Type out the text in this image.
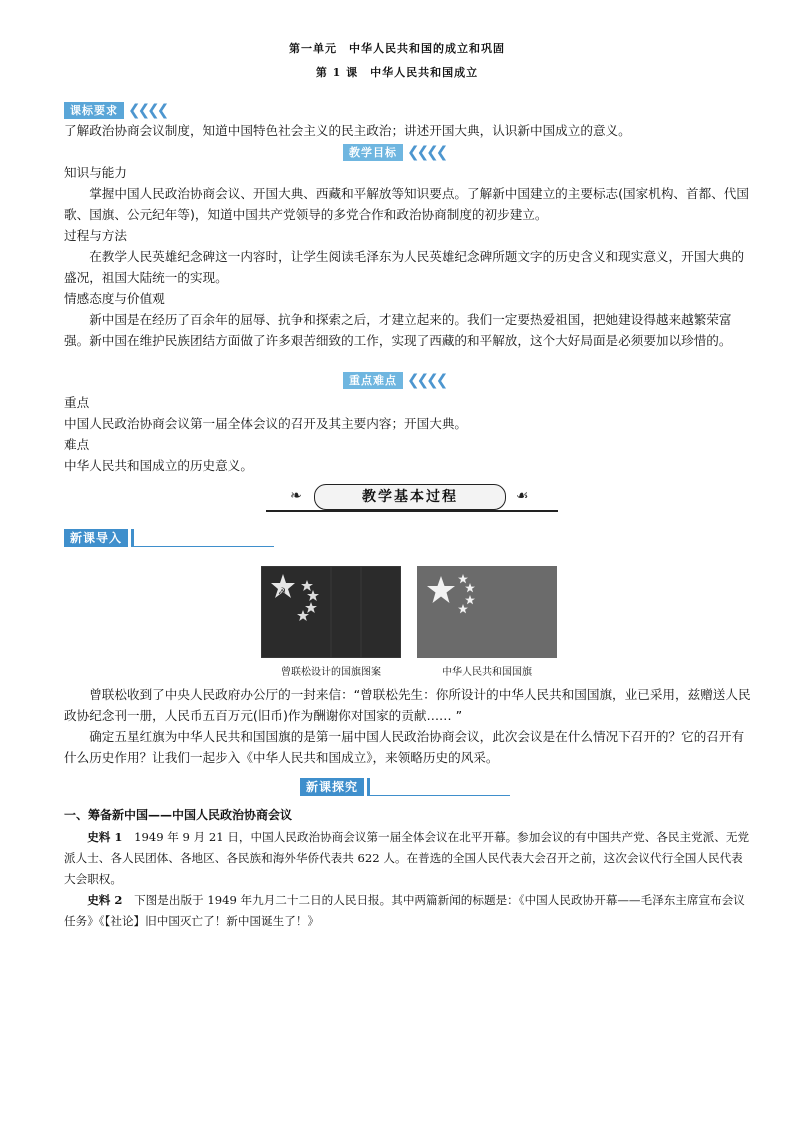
第一单元　中华人民共和国的成立和巩固
第 1 课　中华人民共和国成立
课标要求 ❮❮❮❮
了解政治协商会议制度，知道中国特色社会主义的民主政治；讲述开国大典，认识新中国成立的意义。
教学目标 ❮❮❮❮
知识与能力
掌握中国人民政治协商会议、开国大典、西藏和平解放等知识要点。了解新中国建立的主要标志(国家机构、首都、代国歌、国旗、公元纪年等)，知道中国共产党领导的多党合作和政治协商制度的初步建立。
过程与方法
在教学人民英雄纪念碑这一内容时，让学生阅读毛泽东为人民英雄纪念碑所题文字的历史含义和现实意义，开国大典的盛况，祖国大陆统一的实现。
情感态度与价值观
新中国是在经历了百余年的屈辱、抗争和探索之后，才建立起来的。我们一定要热爱祖国，把她建设得越来越繁荣富强。新中国在维护民族团结方面做了许多艰苦细致的工作，实现了西藏的和平解放，这个大好局面是必须要加以珍惜的。
重点难点 ❮❮❮❮
重点
中国人民政治协商会议第一届全体会议的召开及其主要内容；开国大典。
难点
中华人民共和国成立的历史意义。
❧	教学基本过程	☙
新课导入
☭
曾联松设计的国旗图案	中华人民共和国国旗
曾联松收到了中央人民政府办公厅的一封来信：“曾联松先生：你所设计的中华人民共和国国旗，业已采用，兹赠送人民政协纪念刊一册，人民币五百万元(旧币)作为酬谢你对国家的贡献…… ”
确定五星红旗为中华人民共和国国旗的是第一届中国人民政治协商会议，此次会议是在什么情况下召开的？它的召开有什么历史作用？让我们一起步入《中华人民共和国成立》，来领略历史的风采。
新课探究
一、筹备新中国——中国人民政治协商会议
史料 1　1949 年 9 月 21 日，中国人民政治协商会议第一届全体会议在北平开幕。参加会议的有中国共产党、各民主党派、无党派人士、各人民团体、各地区、各民族和海外华侨代表共 622 人。在普选的全国人民代表大会召开之前，这次会议代行全国人民代表大会职权。
史料 2　下图是出版于 1949 年九月二十二日的人民日报。其中两篇新闻的标题是：《中国人民政协开幕——毛泽东主席宣布会议任务》《【社论】旧中国灭亡了！新中国诞生了！》
